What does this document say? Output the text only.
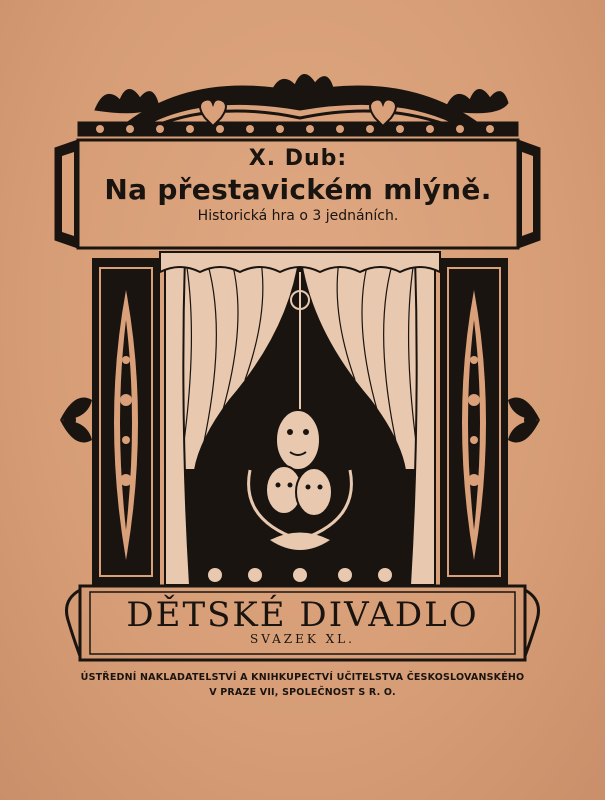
X. Dub:
Na přestavickém mlýně.
Historická hra o 3 jednáních.
DĚTSKÉ DIVADLO
SVAZEK XL.
ÚSTŘEDNÍ NAKLADATELSTVÍ A KNIHKUPECTVÍ UČITELSTVA ČESKOSLOVANSKÉHO
V PRAZE VII, SPOLEČNOST S R. O.
